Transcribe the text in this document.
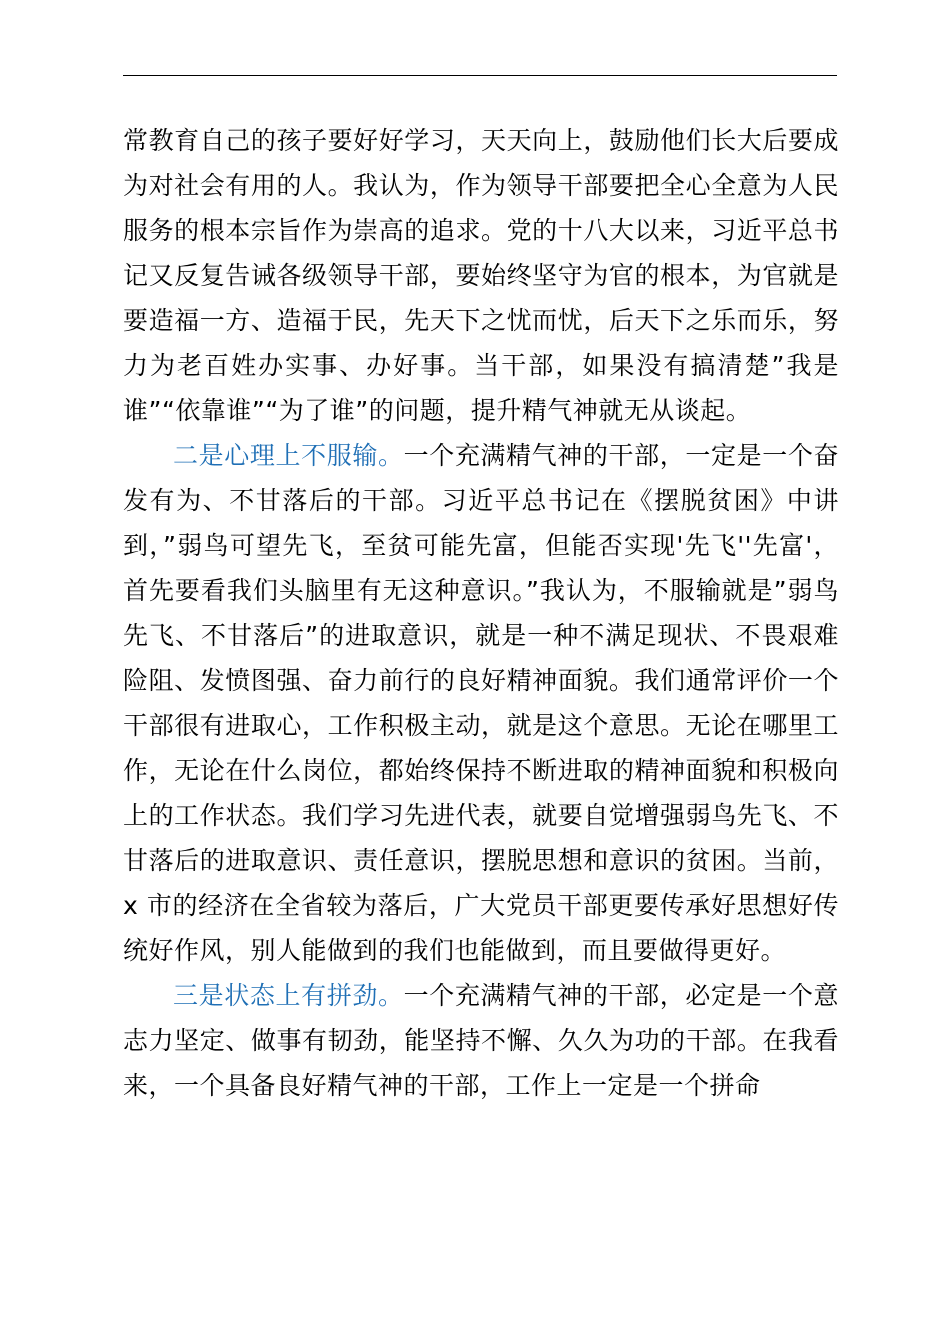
常教育自己的孩子要好好学习，天天向上，鼓励他们长大后要成为对社会有用的人。我认为，作为领导干部要把全心全意为人民服务的根本宗旨作为崇高的追求。党的十八大以来，习近平总书记又反复告诫各级领导干部，要始终坚守为官的根本，为官就是要造福一方、造福于民，先天下之忧而忧，后天下之乐而乐，努力为老百姓办实事、办好事。当干部，如果没有搞清楚”我是谁”“依靠谁”“为了谁”的问题，提升精气神就无从谈起。

二是心理上不服输。一个充满精气神的干部，一定是一个奋发有为、不甘落后的干部。习近平总书记在《摆脱贫困》中讲到，”弱鸟可望先飞，至贫可能先富，但能否实现'先飞''先富'，首先要看我们头脑里有无这种意识。”我认为，不服输就是”弱鸟先飞、不甘落后”的进取意识，就是一种不满足现状、不畏艰难险阻、发愤图强、奋力前行的良好精神面貌。我们通常评价一个干部很有进取心，工作积极主动，就是这个意思。无论在哪里工作，无论在什么岗位，都始终保持不断进取的精神面貌和积极向上的工作状态。我们学习先进代表，就要自觉增强弱鸟先飞、不甘落后的进取意识、责任意识，摆脱思想和意识的贫困。当前，x 市的经济在全省较为落后，广大党员干部更要传承好思想好传统好作风，别人能做到的我们也能做到，而且要做得更好。

三是状态上有拼劲。一个充满精气神的干部，必定是一个意志力坚定、做事有韧劲，能坚持不懈、久久为功的干部。在我看来，一个具备良好精气神的干部，工作上一定是一个拼命
